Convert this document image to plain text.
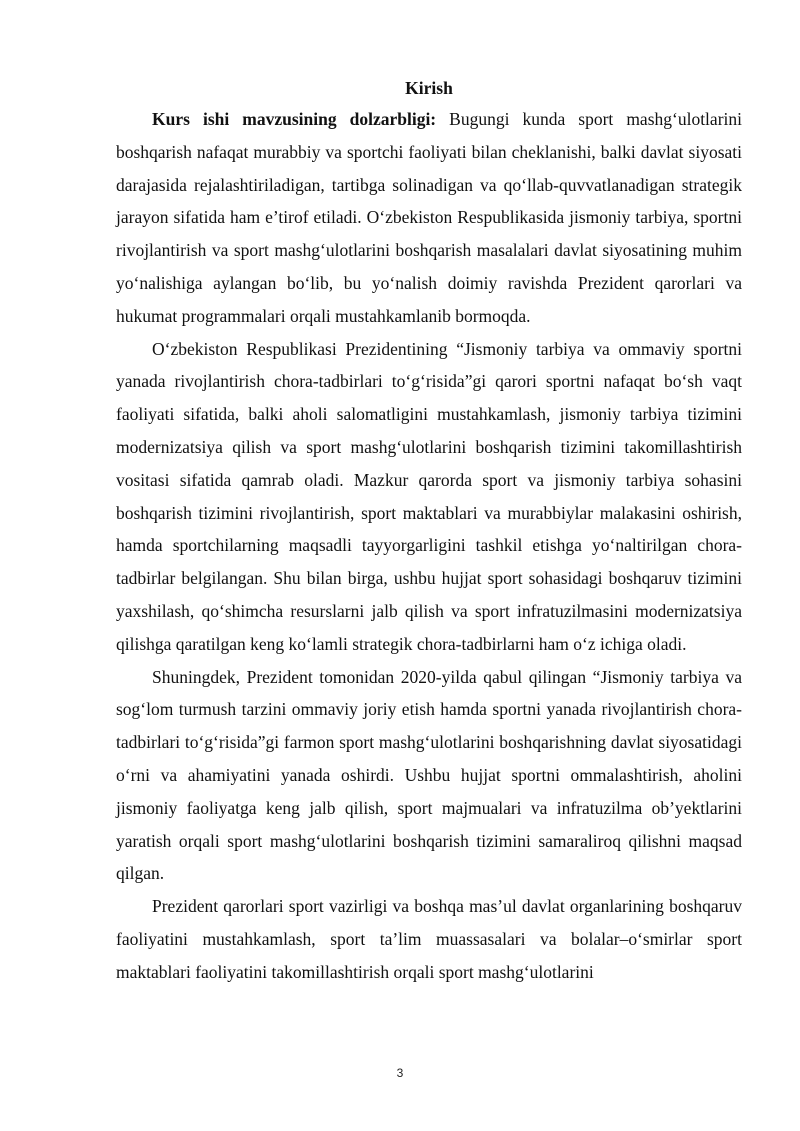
Kirish

Kurs ishi mavzusining dolzarbligi: Bugungi kunda sport mashg‘ulotlarini boshqarish nafaqat murabbiy va sportchi faoliyati bilan cheklanishi, balki davlat siyosati darajasida rejalashtiriladigan, tartibga solinadigan va qo‘llab-quvvatlanadigan strategik jarayon sifatida ham e’tirof etiladi. O‘zbekiston Respublikasida jismoniy tarbiya, sportni rivojlantirish va sport mashg‘ulotlarini boshqarish masalalari davlat siyosatining muhim yo‘nalishiga aylangan bo‘lib, bu yo‘nalish doimiy ravishda Prezident qarorlari va hukumat programmalari orqali mustahkamlanib bormoqda.

O‘zbekiston Respublikasi Prezidentining “Jismoniy tarbiya va ommaviy sportni yanada rivojlantirish chora-tadbirlari to‘g‘risida”gi qarori sportni nafaqat bo‘sh vaqt faoliyati sifatida, balki aholi salomatligini mustahkamlash, jismoniy tarbiya tizimini modernizatsiya qilish va sport mashg‘ulotlarini boshqarish tizimini takomillashtirish vositasi sifatida qamrab oladi. Mazkur qarorda sport va jismoniy tarbiya sohasini boshqarish tizimini rivojlantirish, sport maktablari va murabbiylar malakasini oshirish, hamda sportchilarning maqsadli tayyorgarligini tashkil etishga yo‘naltirilgan chora-tadbirlar belgilangan. Shu bilan birga, ushbu hujjat sport sohasidagi boshqaruv tizimini yaxshilash, qo‘shimcha resurslarni jalb qilish va sport infratuzilmasini modernizatsiya qilishga qaratilgan keng ko‘lamli strategik chora-tadbirlarni ham o‘z ichiga oladi.

Shuningdek, Prezident tomonidan 2020-yilda qabul qilingan “Jismoniy tarbiya va sog‘lom turmush tarzini ommaviy joriy etish hamda sportni yanada rivojlantirish chora-tadbirlari to‘g‘risida”gi farmon sport mashg‘ulotlarini boshqarishning davlat siyosatidagi o‘rni va ahamiyatini yanada oshirdi. Ushbu hujjat sportni ommalashtirish, aholini jismoniy faoliyatga keng jalb qilish, sport majmualari va infratuzilma ob’yektlarini yaratish orqali sport mashg‘ulotlarini boshqarish tizimini samaraliroq qilishni maqsad qilgan.

Prezident qarorlari sport vazirligi va boshqa mas’ul davlat organlarining boshqaruv faoliyatini mustahkamlash, sport ta’lim muassasalari va bolalar–o‘smirlar sport maktablari faoliyatini takomillashtirish orqali sport mashg‘ulotlarini

3
